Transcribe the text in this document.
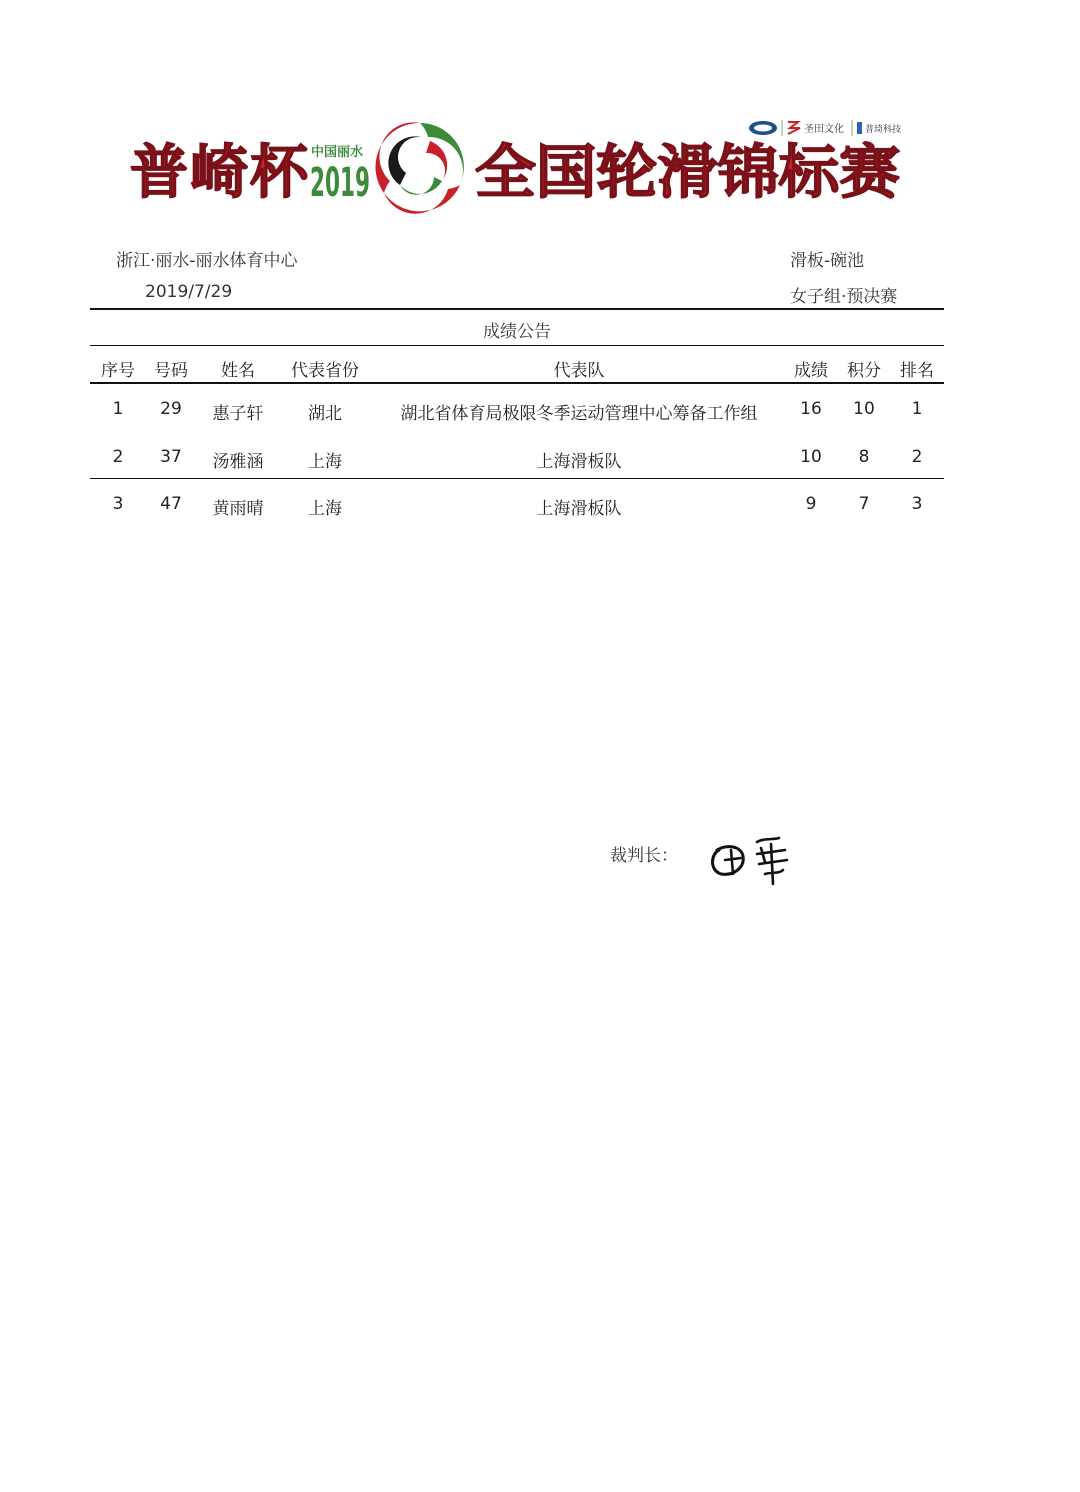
圣田文化 普琦科技
普崎杯 中国丽水
2019 全国轮滑锦标赛
浙江·丽水-丽水体育中心
2019/7/29
滑板-碗池
女子组·预决赛
成绩公告
序号	号码	姓名	代表省份	代表队	成绩	积分	排名
1	29	惠子轩	湖北	湖北省体育局极限冬季运动管理中心筹备工作组	16	10	1
2	37	汤雅涵	上海	上海滑板队	10	8	2
3	47	黄雨晴	上海	上海滑板队	9	7	3
裁判长：
